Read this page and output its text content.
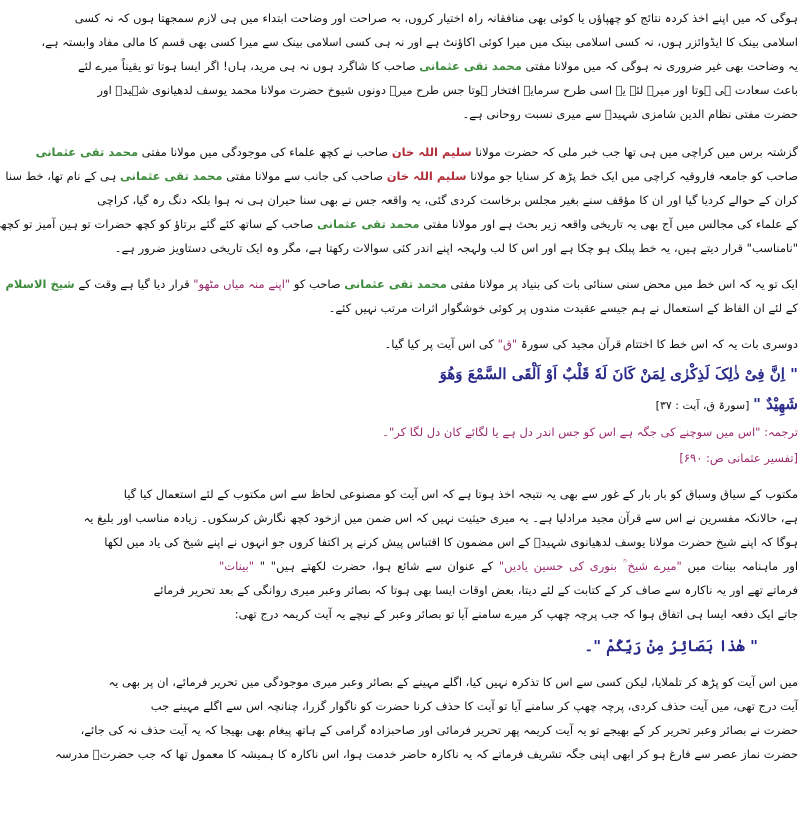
ہوگی کہ میں اپنے اخذ کردہ نتائج کو چھپاؤں یا کوئی بھی منافقانہ راہ اختیار کروں، بہ صراحت اور وضاحت ابتداء میں ہی لازم سمجھتا ہوں کہ نہ کسی
اسلامی بینک کا ایڈوائزر ہوں، نہ کسی اسلامی بینک میں میرا کوئی اکاؤنٹ ہے اور نہ ہی کسی اسلامی بینک سے میرا کسی بھی قسم کا مالی مفاد وابستہ ہے،
یہ وضاحت بھی غیر ضروری نہ ہوگی کہ میں مولانا مفتی محمد تقی عثمانی صاحب کا شاگرد ہوں نہ ہی مرید، ہاں! اگر ایسا ہوتا تو یقیناً میرے لئے
باعث سعادت ہی ہوتا اور میرے لئے یہ اسی طرح سرمایہ افتخار ہوتا جس طرح میرے دونوں شیوخ حضرت مولانا محمد یوسف لدھیانوی شہیدؒ اور
حضرت مفتی نظام الدین شامزی شہیدؒ سے میری نسبت روحانی ہے۔
گزشتہ برس میں کراچی میں ہی تھا جب خبر ملی کہ حضرت مولانا سلیم اللہ خان صاحب نے کچھ علماء کی موجودگی میں مولانا مفتی محمد تقی عثمانی
صاحب کو جامعہ فاروقیہ کراچی میں ایک خط پڑھ کر سنایا جو مولانا سلیم اللہ خان صاحب کی جانب سے مولانا مفتی محمد تقی عثمانی ہی کے نام تھا، خط سنا
کران کے حوالے کردیا گیا اور ان کا مؤقف سنے بغیر مجلس برخاست کردی گئی، یہ واقعہ جس نے بھی سنا حیران ہی نہ ہوا بلکہ دنگ رہ گیا، کراچی
کے علماء کی مجالس میں آج بھی یہ تاریخی واقعہ زیر بحث ہے اور مولانا مفتی محمد تقی عثمانی صاحب کے ساتھ کئے گئے برتاؤ کو کچھ حضرات تو ہین آمیز تو کچھ
"نامناسب" قرار دیتے ہیں، یہ خط پبلک ہو چکا ہے اور اس کا لب ولہجہ اپنے اندر کئی سوالات رکھتا ہے، مگر وہ ایک تاریخی دستاویز ضرور ہے۔
ایک تو یہ کہ اس خط میں محض سنی سنائی بات کی بنیاد پر مولانا مفتی محمد تقی عثمانی صاحب کو "اپنے منہ میاں مٹھو" قرار دیا گیا ہے وقت کے شیخ الاسلام
کے لئے ان الفاظ کے استعمال نے ہم جیسے عقیدت مندوں پر کوئی خوشگوار اثرات مرتب نہیں کئے۔
دوسری بات یہ کہ اس خط کا اختتام قرآن مجید کی سورۃ "ق" کی اس آیت پر کیا گیا۔
" اِنَّ فِیْ ذٰلِکَ لَذِکْرٰی لِمَنْ کَانَ لَهٗ قَلْبٌ اَوْ اَلْقَی السَّمْعَ وَهُوَ
شَهِیْدٌ " [سورۃ ق، آیت : ۳۷]
ترجمہ: "اس میں سوچنے کی جگہ ہے اس کو جس اندر دل ہے یا لگائے کان دل لگا کر"۔
[تفسیر عثمانی ص: ۶۹۰]
مکتوب کے سیاق وسباق کو بار بار کے غور سے بھی یہ نتیجہ اخذ ہوتا ہے کہ اس آیت کو مصنوعی لحاظ سے اس مکتوب کے لئے استعمال کیا گیا
ہے، حالانکہ مفسرین نے اس سے قرآن مجید مرادلیا ہے۔ یہ میری حیثیت نہیں کہ اس ضمن میں ازخود کچھ نگارش کرسکوں۔ زیادہ مناسب اور بلیغ یہ
ہوگا کہ اپنے شیخ حضرت مولانا یوسف لدھیانوی شہیدؒ کے اس مضمون کا اقتباس پیش کرنے پر اکتفا کروں جو انہوں نے اپنے شیخ کی یاد میں لکھا
اور ماہنامہ بینات میں "میرے شیخ ؒ بنوری کی حسین یادیں" کے عنوان سے شائع ہوا، حضرت لکھتے ہیں" " "بینات"
فرماتے تھے اور یہ ناکارہ سے صاف کر کے کتابت کے لئے دیتا، بعض اوقات ایسا بھی ہوتا کہ بصائر وعبر میری روانگی کے بعد تحریر فرمائے
جاتے ایک دفعہ ایسا ہی اتفاق ہوا کہ جب پرچہ چھپ کر میرے سامنے آیا تو بصائر وعبر کے نیچے یہ آیت کریمہ درج تھی:
" هٰذا بَصَائِرُ مِنْ رَبِّکُمْ "۔
میں اس آیت کو پڑھ کر تلملایا، لیکن کسی سے اس کا تذکرہ نہیں کیا، اگلے مہینے کے بصائر وعبر میری موجودگی میں تحریر فرمائے، ان پر بھی یہ
آیت درج تھی، میں آیت حذف کردی، پرچہ چھپ کر سامنے آیا تو آیت کا حذف کرنا حضرت کو ناگوار گزرا، چنانچہ اس سے اگلے مہینے جب
حضرت نے بصائر وعبر تحریر کر کے بھیجے تو یہ آیت کریمہ پھر تحریر فرمائی اور صاحبزادہ گرامی کے ہاتھ پیغام بھی بھیجا کہ یہ آیت حذف نہ کی جائے،
حضرت نماز عصر سے فارغ ہو کر ابھی اپنی جگہ تشریف فرماتے کہ یہ ناکارہ حاضر خدمت ہوا، اس ناکارہ کا ہمیشہ کا معمول تھا کہ جب حضرتؒ مدرسہ
